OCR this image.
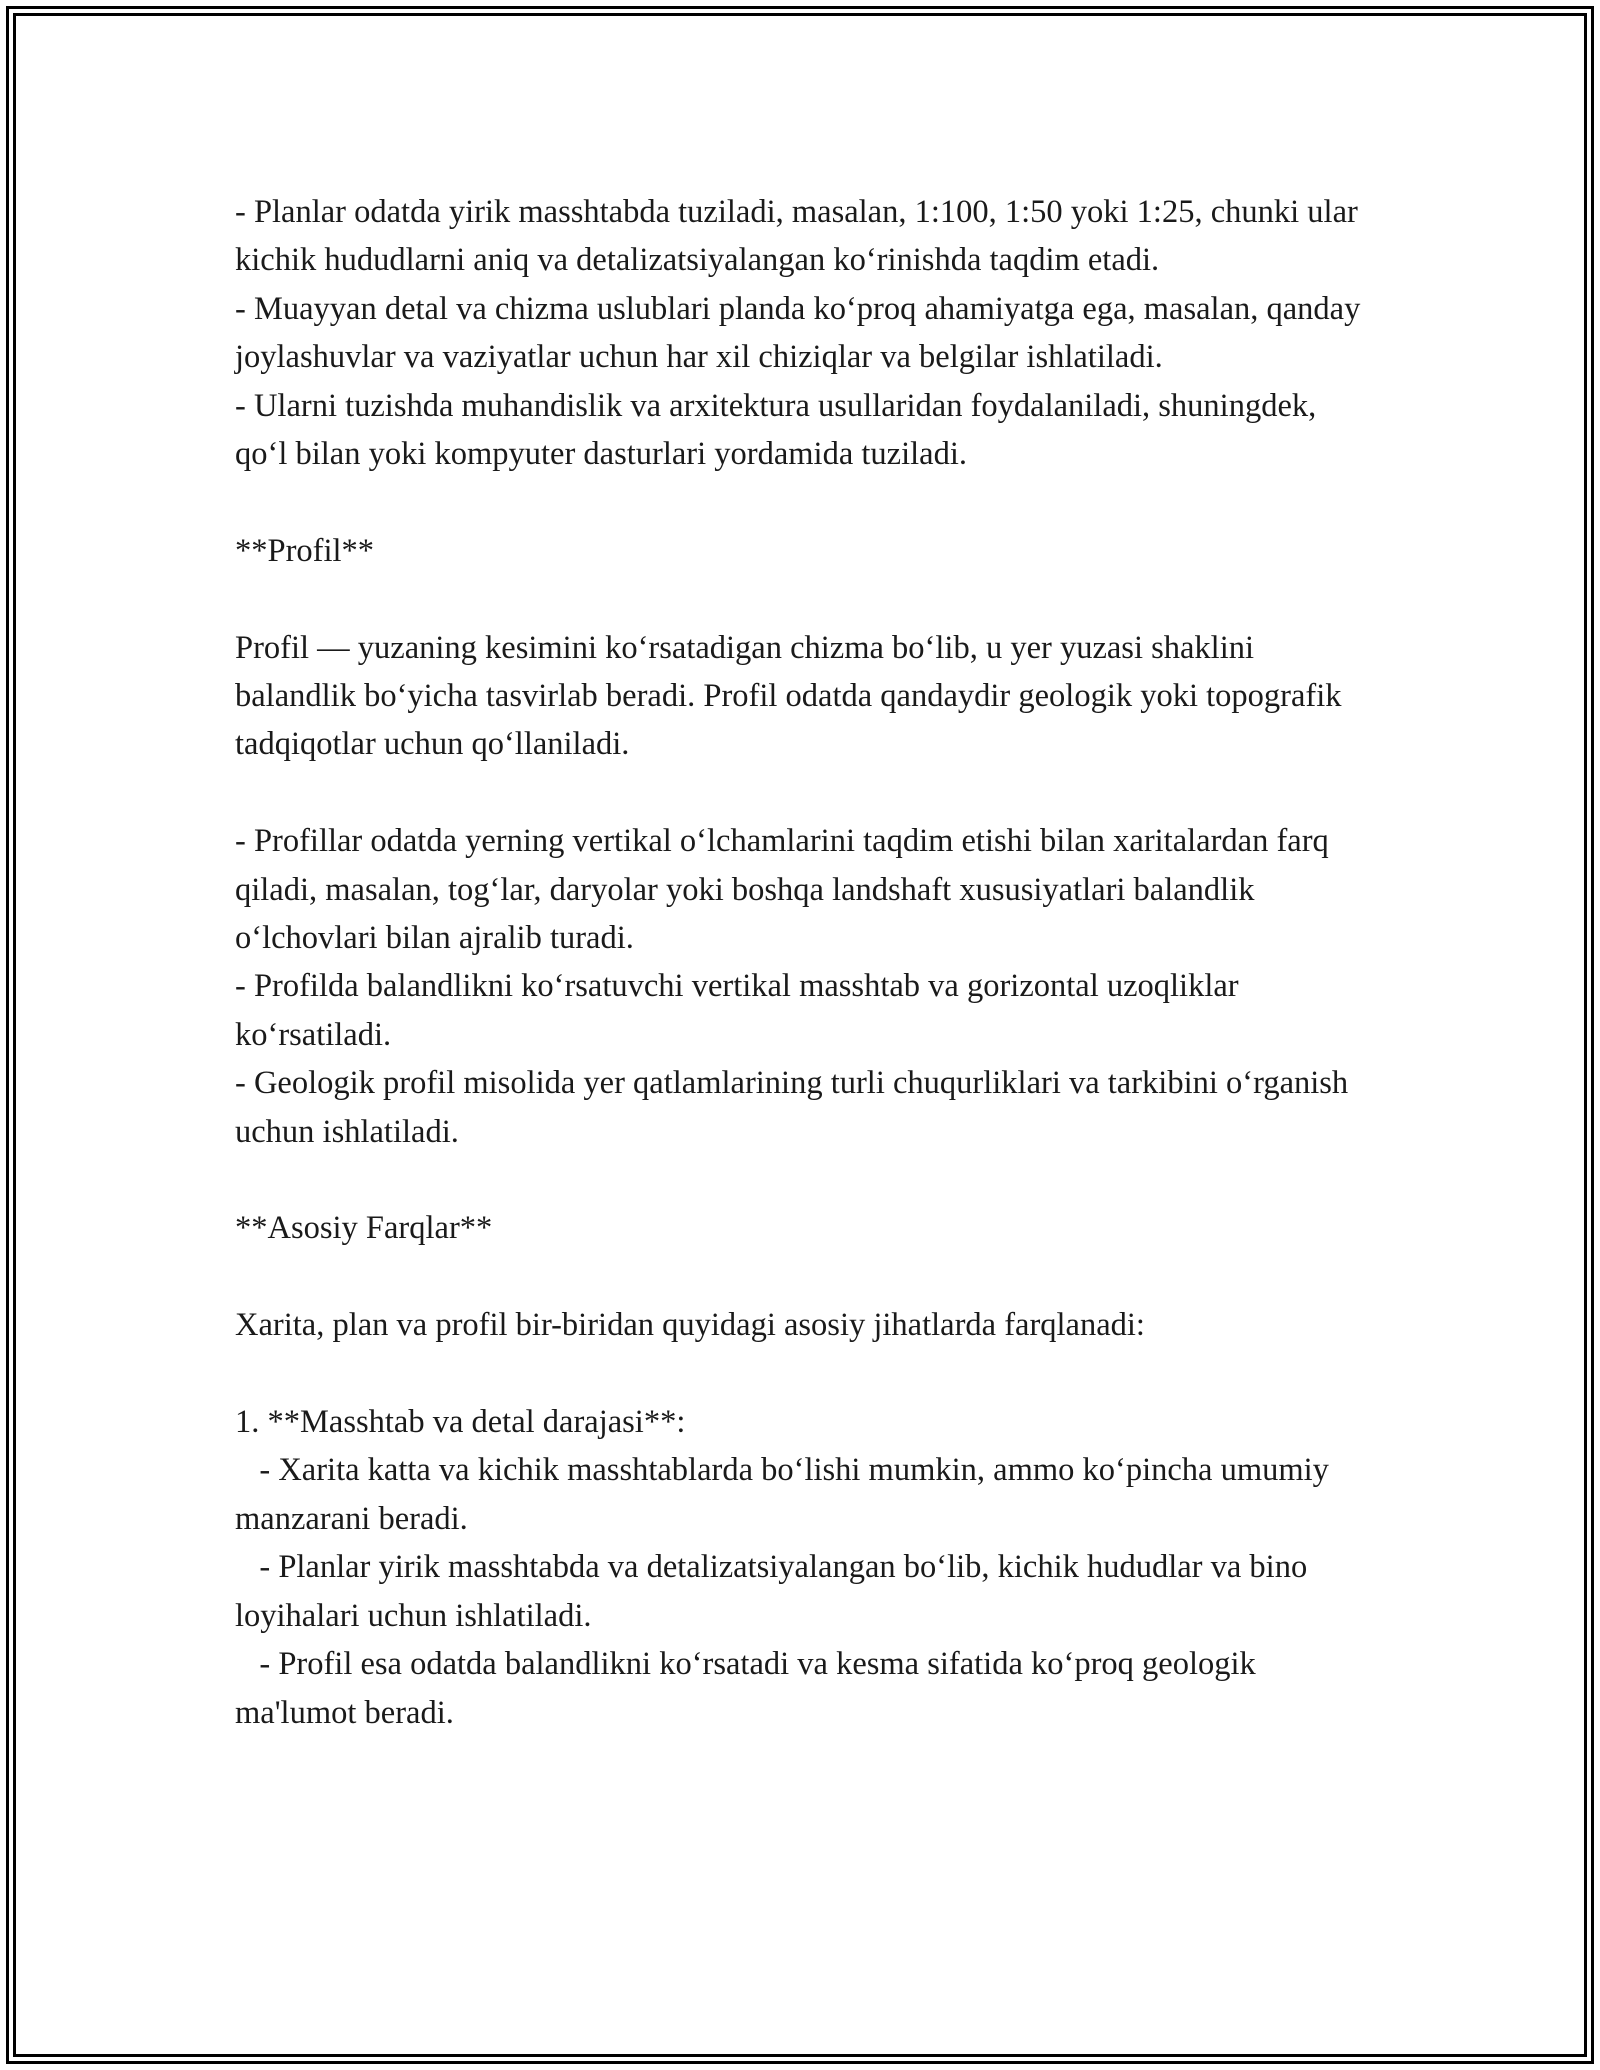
- Planlar odatda yirik masshtabda tuziladi, masalan, 1:100, 1:50 yoki 1:25, chunki ular kichik hududlarni aniq va detalizatsiyalangan ko‘rinishda taqdim etadi.

- Muayyan detal va chizma uslublari planda ko‘proq ahamiyatga ega, masalan, qanday joylashuvlar va vaziyatlar uchun har xil chiziqlar va belgilar ishlatiladi.

- Ularni tuzishda muhandislik va arxitektura usullaridan foydalaniladi, shuningdek, qo‘l bilan yoki kompyuter dasturlari yordamida tuziladi.

**Profil**

Profil — yuzaning kesimini ko‘rsatadigan chizma bo‘lib, u yer yuzasi shaklini balandlik bo‘yicha tasvirlab beradi. Profil odatda qandaydir geologik yoki topografik tadqiqotlar uchun qo‘llaniladi.

- Profillar odatda yerning vertikal o‘lchamlarini taqdim etishi bilan xaritalardan farq qiladi, masalan, tog‘lar, daryolar yoki boshqa landshaft xususiyatlari balandlik o‘lchovlari bilan ajralib turadi.

- Profilda balandlikni ko‘rsatuvchi vertikal masshtab va gorizontal uzoqliklar ko‘rsatiladi.

- Geologik profil misolida yer qatlamlarining turli chuqurliklari va tarkibini o‘rganish uchun ishlatiladi.

**Asosiy Farqlar**

Xarita, plan va profil bir-biridan quyidagi asosiy jihatlarda farqlanadi:

1. **Masshtab va detal darajasi**:

- Xarita katta va kichik masshtablarda bo‘lishi mumkin, ammo ko‘pincha umumiy manzarani beradi.

- Planlar yirik masshtabda va detalizatsiyalangan bo‘lib, kichik hududlar va bino loyihalari uchun ishlatiladi.

- Profil esa odatda balandlikni ko‘rsatadi va kesma sifatida ko‘proq geologik ma'lumot beradi.
